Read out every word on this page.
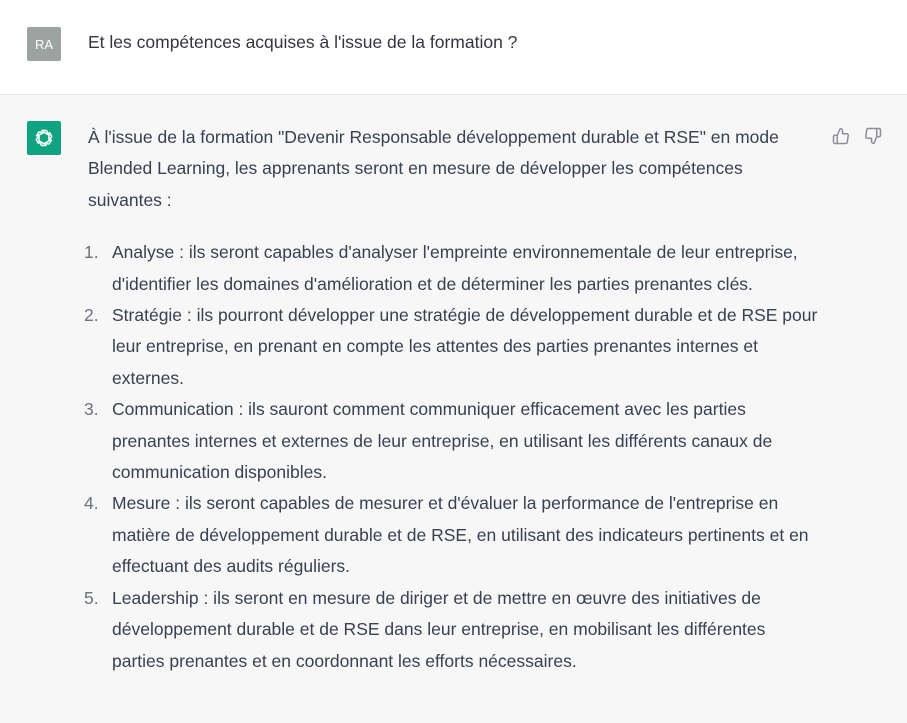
RA	Et les compétences acquises à l'issue de la formation ?

À l'issue de la formation "Devenir Responsable développement durable et RSE" en mode Blended Learning, les apprenants seront en mesure de développer les compétences suivantes :

1. Analyse : ils seront capables d'analyser l'empreinte environnementale de leur entreprise, d'identifier les domaines d'amélioration et de déterminer les parties prenantes clés.
2. Stratégie : ils pourront développer une stratégie de développement durable et de RSE pour leur entreprise, en prenant en compte les attentes des parties prenantes internes et externes.
3. Communication : ils sauront comment communiquer efficacement avec les parties prenantes internes et externes de leur entreprise, en utilisant les différents canaux de communication disponibles.
4. Mesure : ils seront capables de mesurer et d'évaluer la performance de l'entreprise en matière de développement durable et de RSE, en utilisant des indicateurs pertinents et en effectuant des audits réguliers.
5. Leadership : ils seront en mesure de diriger et de mettre en œuvre des initiatives de développement durable et de RSE dans leur entreprise, en mobilisant les différentes parties prenantes et en coordonnant les efforts nécessaires.
